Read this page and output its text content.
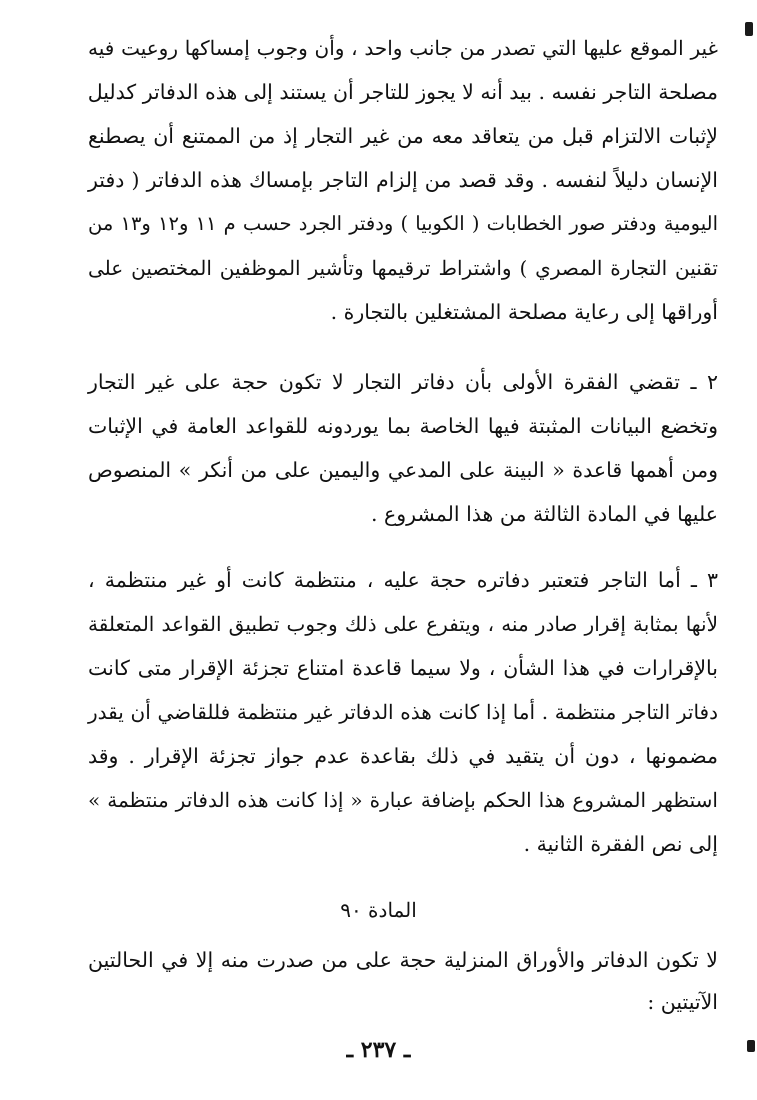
غير الموقع عليها التي تصدر من جانب واحد ، وأن وجوب إمساكها روعيت فيه
مصلحة التاجر نفسه . بيد أنه لا يجوز للتاجر أن يستند إلى هذه الدفاتر كدليل
لإثبات الالتزام قبل من يتعاقد معه من غير التجار إذ من الممتنع أن يصطنع
الإنسان دليلاً لنفسه . وقد قصد من إلزام التاجر بإمساك هذه الدفاتر ( دفتر
اليومية ودفتر صور الخطابات ( الكوبيا ) ودفتر الجرد حسب م ١١ و١٢ و١٣ من
تقنين التجارة المصري ) واشتراط ترقيمها وتأشير الموظفين المختصين على
أوراقها إلى رعاية مصلحة المشتغلين بالتجارة .
٢ ـ تقضي الفقرة الأولى بأن دفاتر التجار لا تكون حجة على غير التجار
وتخضع البيانات المثبتة فيها الخاصة بما يوردونه للقواعد العامة في الإثبات
ومن أهمها قاعدة « البينة على المدعي واليمين على من أنكر » المنصوص
عليها في المادة الثالثة من هذا المشروع .
٣ ـ أما التاجر فتعتبر دفاتره حجة عليه ، منتظمة كانت أو غير منتظمة ،
لأنها بمثابة إقرار صادر منه ، ويتفرع على ذلك وجوب تطبيق القواعد المتعلقة
بالإقرارات في هذا الشأن ، ولا سيما قاعدة امتناع تجزئة الإقرار متى كانت
دفاتر التاجر منتظمة . أما إذا كانت هذه الدفاتر غير منتظمة فللقاضي أن يقدر
مضمونها ، دون أن يتقيد في ذلك بقاعدة عدم جواز تجزئة الإقرار . وقد
استظهر المشروع هذا الحكم بإضافة عبارة « إذا كانت هذه الدفاتر منتظمة »
إلى نص الفقرة الثانية .
المادة ٩٠
لا تكون الدفاتر والأوراق المنزلية حجة على من صدرت منه إلا في الحالتين
الآتيتين :
ـ ٢٣٧ ـ
